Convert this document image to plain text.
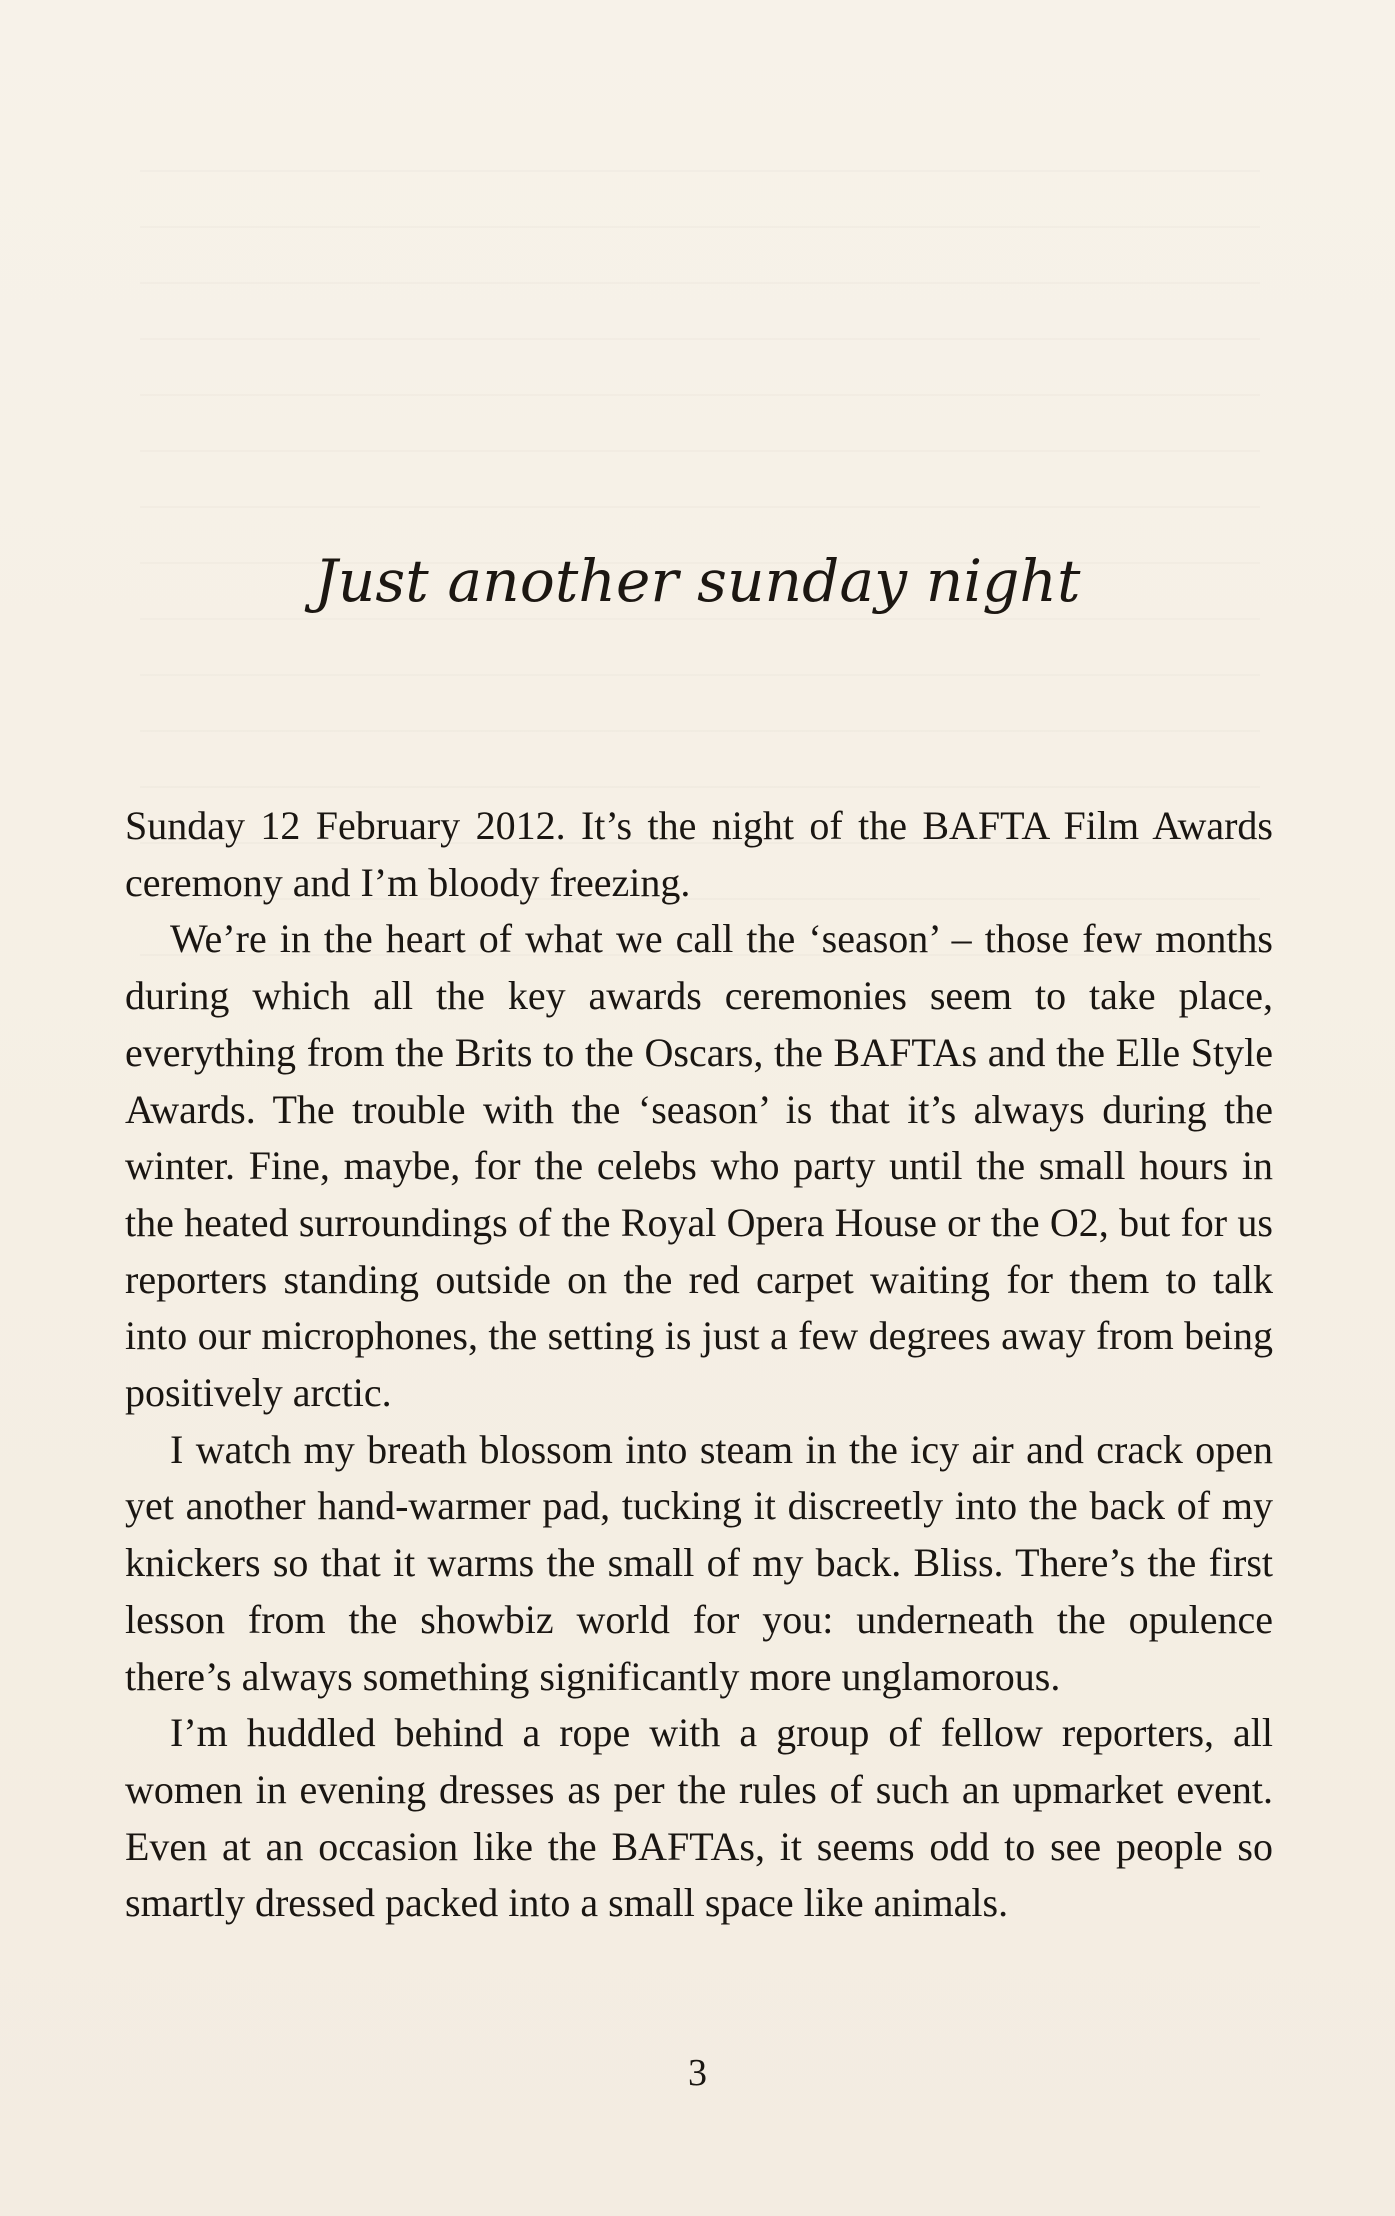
Just another sunday night

Sunday 12 February 2012. It’s the night of the BAFTA Film Awards ceremony and I’m bloody freezing.

We’re in the heart of what we call the ‘season’ – those few months during which all the key awards ceremonies seem to take place, everything from the Brits to the Oscars, the BAFTAs and the Elle Style Awards. The trouble with the ‘season’ is that it’s always during the winter. Fine, maybe, for the celebs who party until the small hours in the heated surroundings of the Royal Opera House or the O2, but for us reporters standing outside on the red carpet waiting for them to talk into our microphones, the setting is just a few degrees away from being positively arctic.

I watch my breath blossom into steam in the icy air and crack open yet another hand-warmer pad, tucking it discreetly into the back of my knickers so that it warms the small of my back. Bliss. There’s the first lesson from the showbiz world for you: underneath the opulence there’s always something significantly more unglamorous.

I’m huddled behind a rope with a group of fellow reporters, all women in evening dresses as per the rules of such an upmarket event. Even at an occasion like the BAFTAs, it seems odd to see people so smartly dressed packed into a small space like animals.

3
